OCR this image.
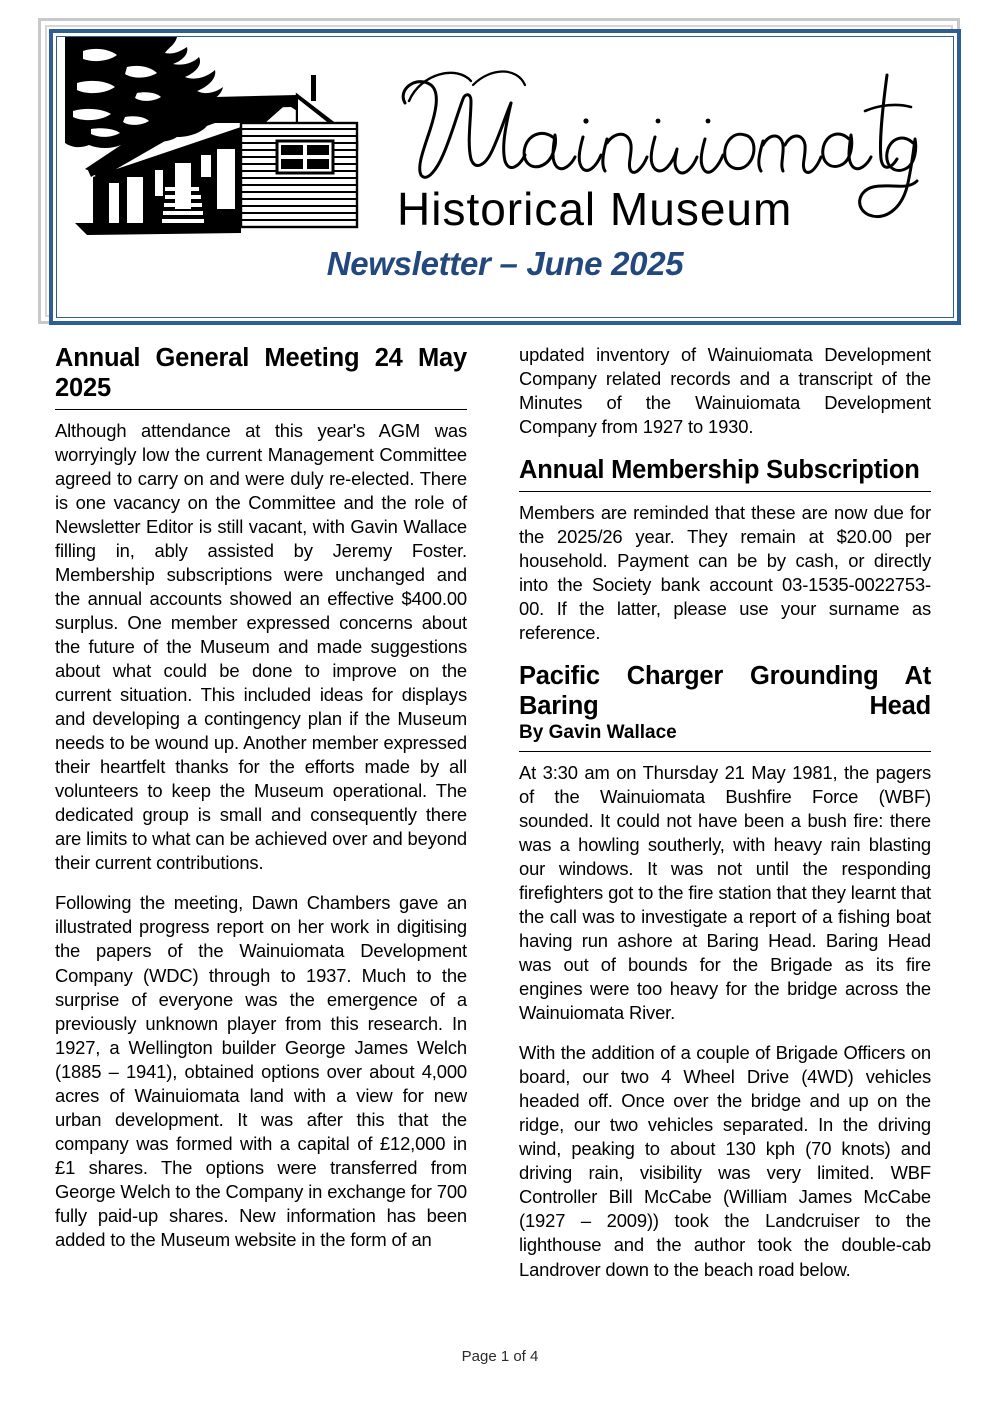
Historical Museum
Newsletter – June 2025
Annual General Meeting 24 May 2025

Although attendance at this year's AGM was worryingly low the current Management Committee agreed to carry on and were duly re-elected. There is one vacancy on the Committee and the role of Newsletter Editor is still vacant, with Gavin Wallace filling in, ably assisted by Jeremy Foster. Membership subscriptions were unchanged and the annual accounts showed an effective $400.00 surplus. One member expressed concerns about the future of the Museum and made suggestions about what could be done to improve on the current situation. This included ideas for displays and developing a contingency plan if the Museum needs to be wound up. Another member expressed their heartfelt thanks for the efforts made by all volunteers to keep the Museum operational. The dedicated group is small and consequently there are limits to what can be achieved over and beyond their current contributions.

Following the meeting, Dawn Chambers gave an illustrated progress report on her work in digitising the papers of the Wainuiomata Development Company (WDC) through to 1937. Much to the surprise of everyone was the emergence of a previously unknown player from this research. In 1927, a Wellington builder George James Welch (1885 – 1941), obtained options over about 4,000 acres of Wainuiomata land with a view for new urban development. It was after this that the company was formed with a capital of £12,000 in £1 shares. The options were transferred from George Welch to the Company in exchange for 700 fully paid-up shares. New information has been added to the Museum website in the form of an

updated inventory of Wainuiomata Development Company related records and a transcript of the Minutes of the Wainuiomata Development Company from 1927 to 1930.

Annual Membership Subscription

Members are reminded that these are now due for the 2025/26 year. They remain at $20.00 per household. Payment can be by cash, or directly into the Society bank account 03-1535-0022753-00. If the latter, please use your surname as reference.

Pacific Charger Grounding At Baring Head
By Gavin Wallace

At 3:30 am on Thursday 21 May 1981, the pagers of the Wainuiomata Bushfire Force (WBF) sounded. It could not have been a bush fire: there was a howling southerly, with heavy rain blasting our windows. It was not until the responding firefighters got to the fire station that they learnt that the call was to investigate a report of a fishing boat having run ashore at Baring Head. Baring Head was out of bounds for the Brigade as its fire engines were too heavy for the bridge across the Wainuiomata River.

With the addition of a couple of Brigade Officers on board, our two 4 Wheel Drive (4WD) vehicles headed off. Once over the bridge and up on the ridge, our two vehicles separated. In the driving wind, peaking to about 130 kph (70 knots) and driving rain, visibility was very limited. WBF Controller Bill McCabe (William James McCabe (1927 – 2009)) took the Landcruiser to the lighthouse and the author took the double-cab Landrover down to the beach road below.

Page 1 of 4
